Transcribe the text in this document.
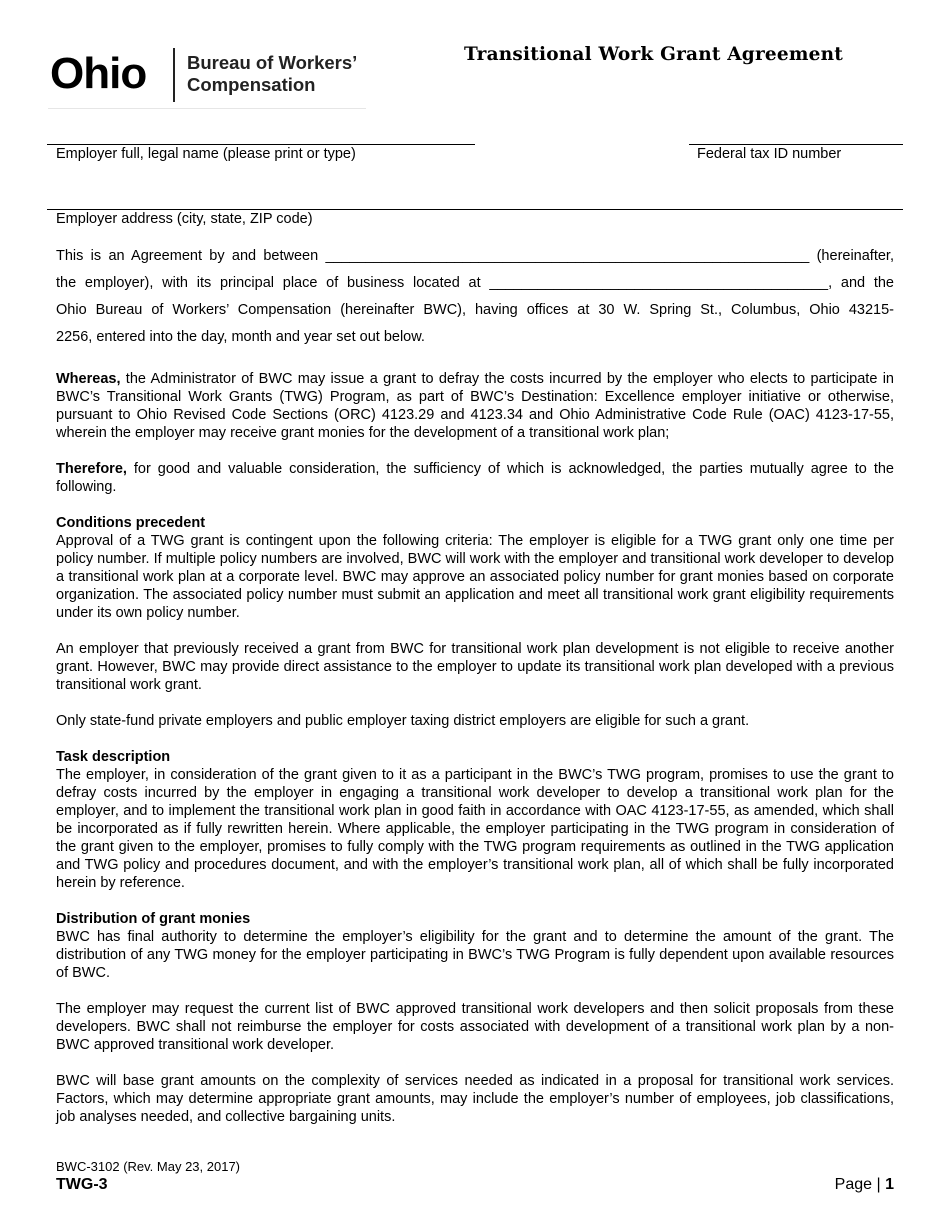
Ohio Bureau of Workers’
Compensation
Transitional Work Grant Agreement
Employer full, legal name (please print or type)	Federal tax ID number
Employer address (city, state, ZIP code)
This is an Agreement by and between ____________________________________________________________ (hereinafter,
the employer), with its principal place of business located at __________________________________________, and the
Ohio Bureau of Workers’ Compensation (hereinafter BWC), having offices at 30 W. Spring St., Columbus, Ohio 43215-
2256, entered into the day, month and year set out below.

Whereas, the Administrator of BWC may issue a grant to defray the costs incurred by the employer who elects to participate in BWC’s Transitional Work Grants (TWG) Program, as part of BWC’s Destination: Excellence employer initiative or otherwise, pursuant to Ohio Revised Code Sections (ORC) 4123.29 and 4123.34 and Ohio Administrative Code Rule (OAC) 4123-17-55, wherein the employer may receive grant monies for the development of a transitional work plan;

Therefore, for good and valuable consideration, the sufficiency of which is acknowledged, the parties mutually agree to the following.

Conditions precedent

Approval of a TWG grant is contingent upon the following criteria: The employer is eligible for a TWG grant only one time per policy number. If multiple policy numbers are involved, BWC will work with the employer and transitional work developer to develop a transitional work plan at a corporate level. BWC may approve an associated policy number for grant monies based on corporate organization. The associated policy number must submit an application and meet all transitional work grant eligibility requirements under its own policy number.

An employer that previously received a grant from BWC for transitional work plan development is not eligible to receive another grant. However, BWC may provide direct assistance to the employer to update its transitional work plan developed with a previous transitional work grant.

Only state-fund private employers and public employer taxing district employers are eligible for such a grant.

Task description

The employer, in consideration of the grant given to it as a participant in the BWC’s TWG program, promises to use the grant to defray costs incurred by the employer in engaging a transitional work developer to develop a transitional work plan for the employer, and to implement the transitional work plan in good faith in accordance with OAC 4123-17-55, as amended, which shall be incorporated as if fully rewritten herein. Where applicable, the employer participating in the TWG program in consideration of the grant given to the employer, promises to fully comply with the TWG program requirements as outlined in the TWG application and TWG policy and procedures document, and with the employer’s transitional work plan, all of which shall be fully incorporated herein by reference.

Distribution of grant monies

BWC has final authority to determine the employer’s eligibility for the grant and to determine the amount of the grant. The distribution of any TWG money for the employer participating in BWC’s TWG Program is fully dependent upon available resources of BWC.

The employer may request the current list of BWC approved transitional work developers and then solicit proposals from these developers. BWC shall not reimburse the employer for costs associated with development of a transitional work plan by a non-BWC approved transitional work developer.

BWC will base grant amounts on the complexity of services needed as indicated in a proposal for transitional work services. Factors, which may determine appropriate grant amounts, may include the employer’s number of employees, job classifications, job analyses needed, and collective bargaining units.

BWC-3102 (Rev. May 23, 2017)
TWG-3	Page | 1
